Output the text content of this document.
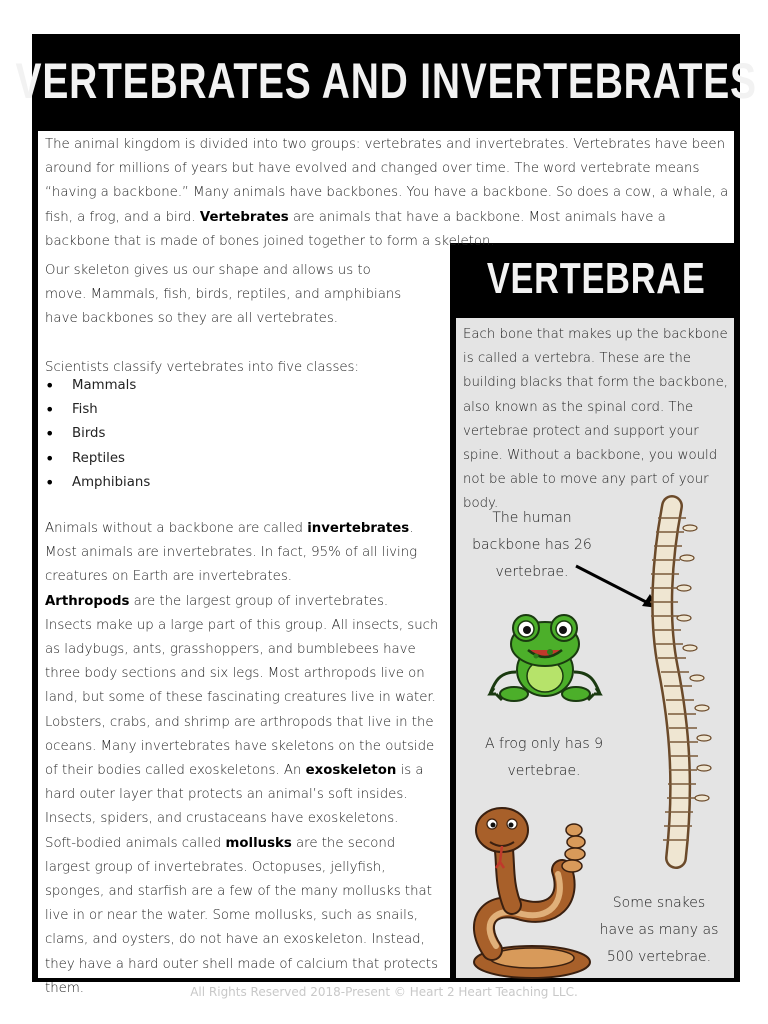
VERTEBRATES AND INVERTEBRATES
The animal kingdom is divided into two groups: vertebrates and invertebrates. Vertebrates have been around for millions of years but have evolved and changed over time. The word vertebrate means “having a backbone.” Many animals have backbones. You have a backbone. So does a cow, a whale, a fish, a frog, and a bird. Vertebrates are animals that have a backbone. Most animals have a backbone that is made of bones joined together to form a skeleton.
Our skeleton gives us our shape and allows us to move. Mammals, fish, birds, reptiles, and amphibians have backbones so they are all vertebrates.

Scientists classify vertebrates into five classes:
• Mammals
• Fish
• Birds
• Reptiles
• Amphibians
Animals without a backbone are called invertebrates. Most animals are invertebrates. In fact, 95% of all living creatures on Earth are invertebrates.
Arthropods are the largest group of invertebrates. Insects make up a large part of this group. All insects, such as ladybugs, ants, grasshoppers, and bumblebees have three body sections and six legs. Most arthropods live on land, but some of these fascinating creatures live in water. Lobsters, crabs, and shrimp are arthropods that live in the oceans. Many invertebrates have skeletons on the outside of their bodies called exoskeletons. An exoskeleton is a hard outer layer that protects an animal’s soft insides. Insects, spiders, and crustaceans have exoskeletons.
Soft-bodied animals called mollusks are the second largest group of invertebrates. Octopuses, jellyfish, sponges, and starfish are a few of the many mollusks that live in or near the water. Some mollusks, such as snails, clams, and oysters, do not have an exoskeleton. Instead, they have a hard outer shell made of calcium that protects them.
VERTEBRAE
Each bone that makes up the backbone is called a vertebra. These are the building blacks that form the backbone, also known as the spinal cord. The vertebrae protect and support your spine. Without a backbone, you would not be able to move any part of your body.
The human backbone has 26 vertebrae.
A frog only has 9 vertebrae.
Some snakes have as many as 500 vertebrae.
All Rights Reserved 2018-Present © Heart 2 Heart Teaching LLC.
